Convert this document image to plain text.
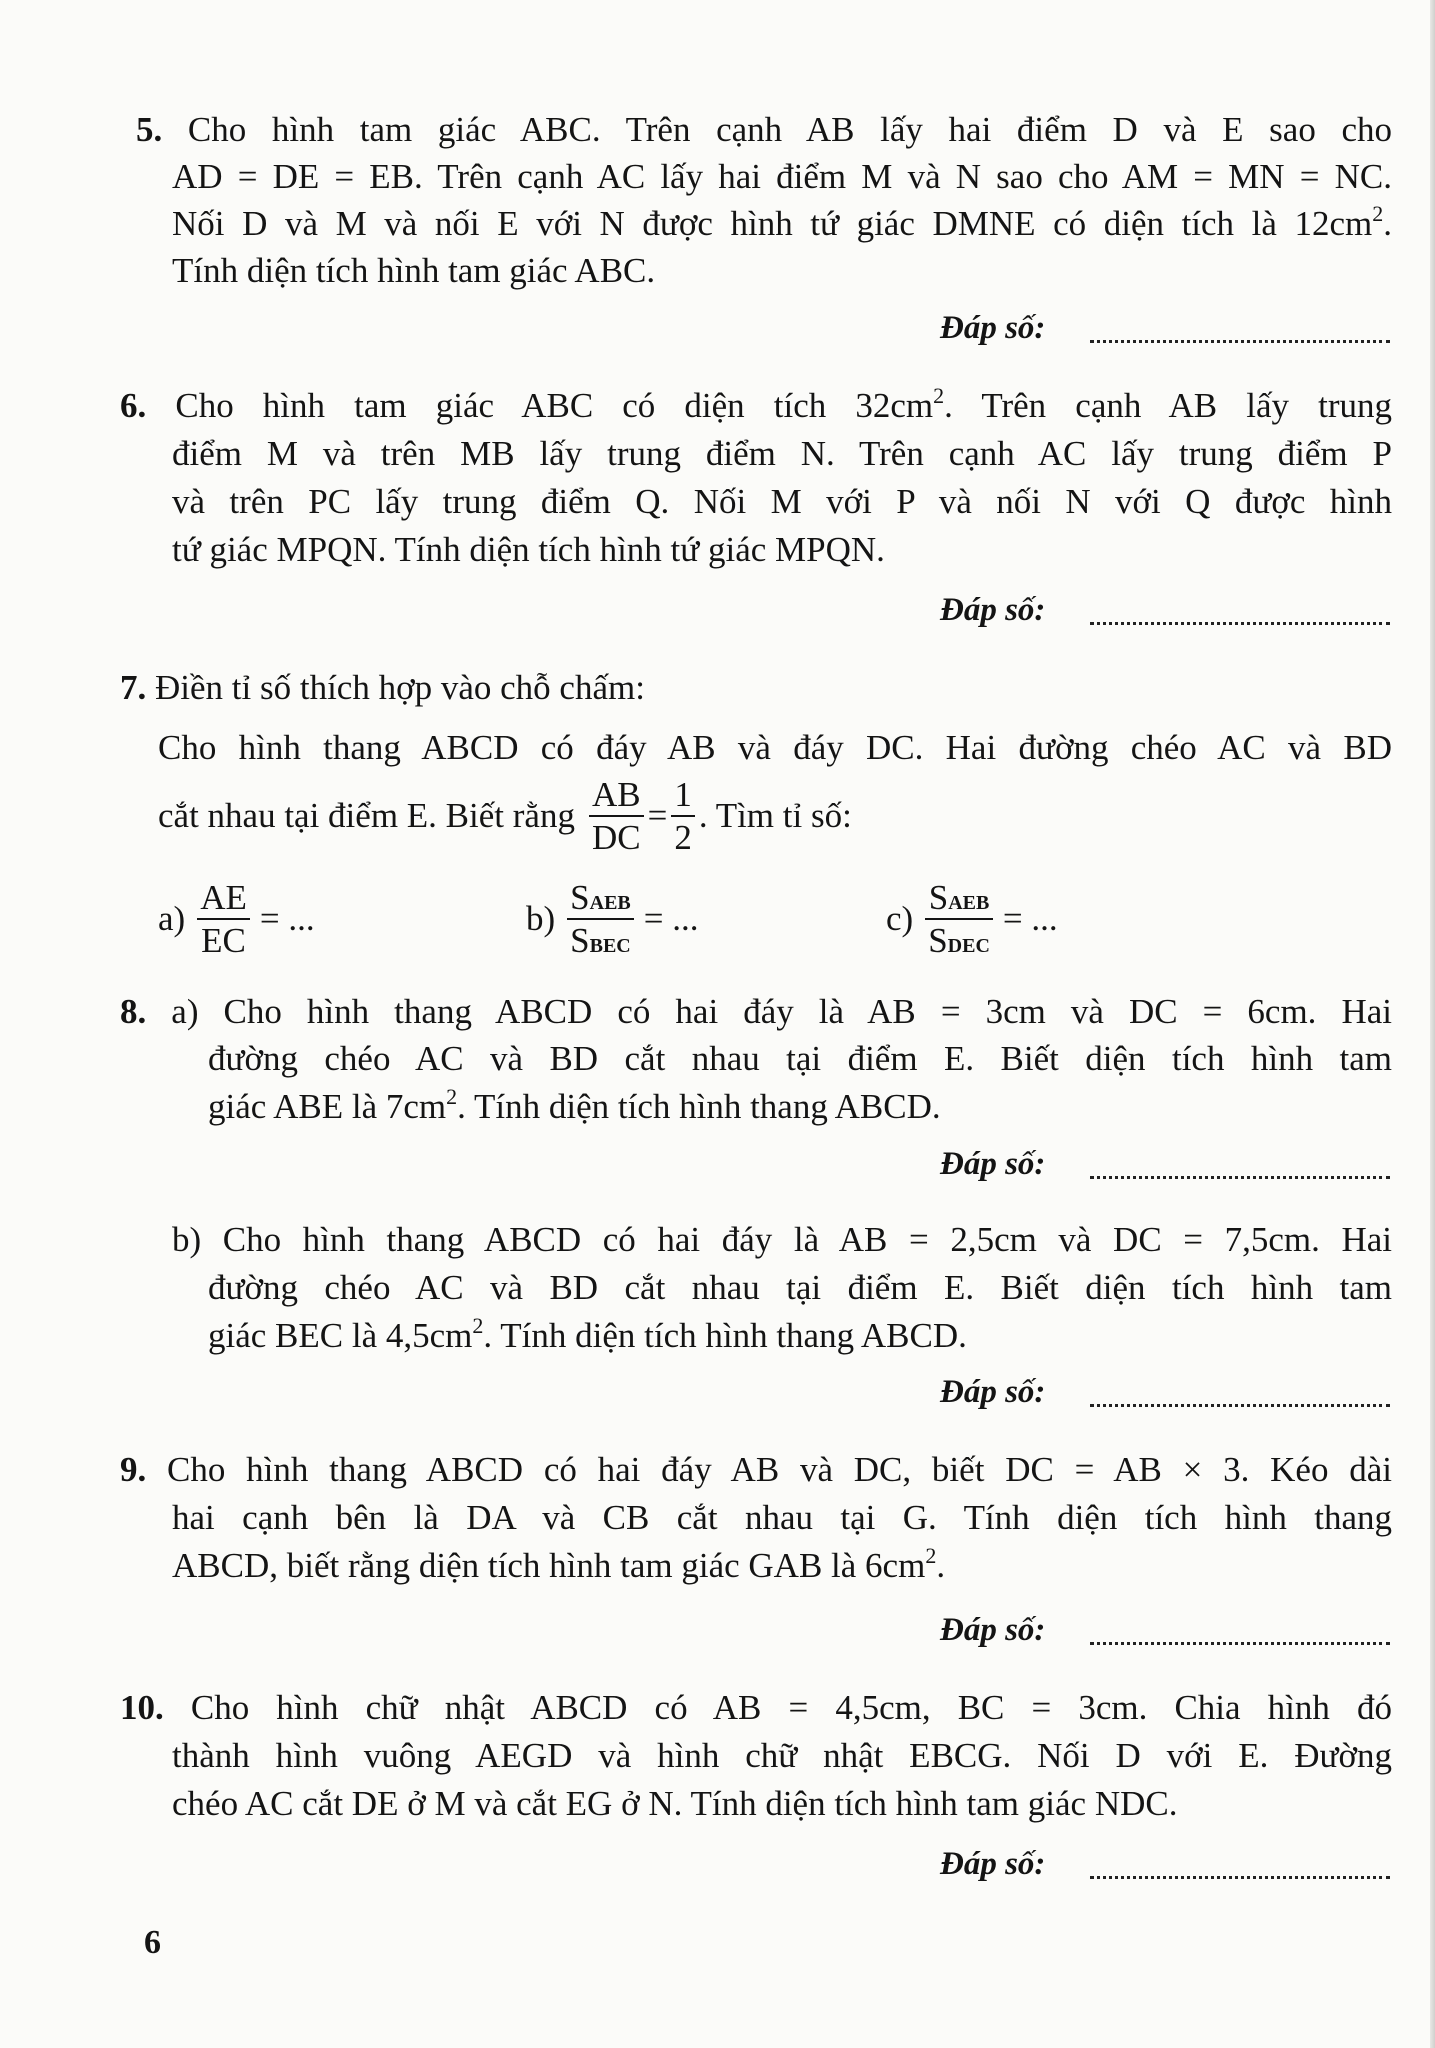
5. Cho hình tam giác ABC. Trên cạnh AB lấy hai điểm D và E sao cho
AD = DE = EB. Trên cạnh AC lấy hai điểm M và N sao cho AM = MN = NC.
Nối D và M và nối E với N được hình tứ giác DMNE có diện tích là $12cm^2$.
Tính diện tích hình tam giác ABC.
Đáp số:
6. Cho hình tam giác ABC có diện tích $32cm^2$. Trên cạnh AB lấy trung
điểm M và trên MB lấy trung điểm N. Trên cạnh AC lấy trung điểm P
và trên PC lấy trung điểm Q. Nối M với P và nối N với Q được hình
tứ giác MPQN. Tính diện tích hình tứ giác MPQN.
Đáp số:
7. Điền tỉ số thích hợp vào chỗ chấm:
Cho hình thang ABCD có đáy AB và đáy DC. Hai đường chéo AC và BD
cắt nhau tại điểm E. Biết rằng $\frac{AB}{DC} = \frac{1}{2}$ . Tìm tỉ số:
$a) \frac{AE}{EC}$ = ...	$b) \frac{\text{SAEB}}{\text{SBEC}}$ = ...	$c) \frac{\text{SAEB}}{\text{SDEC}}$ = ...
8. a) Cho hình thang ABCD có hai đáy là AB = 3cm và DC = 6cm. Hai
đường chéo AC và BD cắt nhau tại điểm E. Biết diện tích hình tam
giác ABE là $7cm^2$. Tính diện tích hình thang ABCD.
Đáp số:
b) Cho hình thang ABCD có hai đáy là AB = 2,5cm và DC = 7,5cm. Hai
đường chéo AC và BD cắt nhau tại điểm E. Biết diện tích hình tam
giác BEC là $4,5cm^2$. Tính diện tích hình thang ABCD.
Đáp số:
9. Cho hình thang ABCD có hai đáy AB và DC, biết DC = AB × 3. Kéo dài
hai cạnh bên là DA và CB cắt nhau tại G. Tính diện tích hình thang
ABCD, biết rằng diện tích hình tam giác GAB là $6cm^2$.
Đáp số:
10. Cho hình chữ nhật ABCD có AB = 4,5cm, BC = 3cm. Chia hình đó
thành hình vuông AEGD và hình chữ nhật EBCG. Nối D với E. Đường
chéo AC cắt DE ở M và cắt EG ở N. Tính diện tích hình tam giác NDC.
Đáp số:
6
